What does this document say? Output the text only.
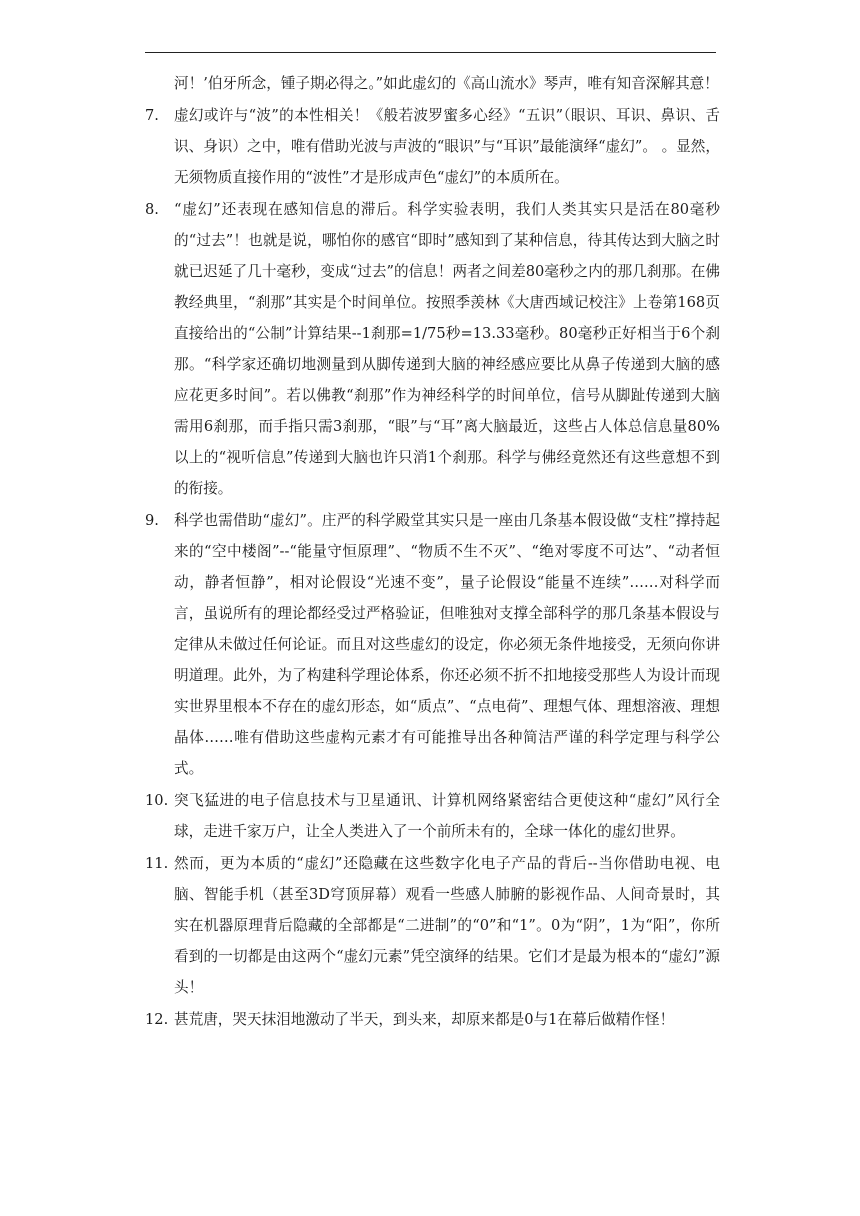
河！’伯牙所念，锺子期必得之。”如此虚幻的《高山流水》琴声，唯有知音深解其意！

7.	虚幻或许与“波”的本性相关！《般若波罗蜜多心经》“五识”（眼识、耳识、鼻识、舌识、身识）之中，唯有借助光波与声波的“眼识”与“耳识”最能演绎“虚幻”。 。显然，无须物质直接作用的“波性”才是形成声色“虚幻”的本质所在。

8.	“虚幻”还表现在感知信息的滞后。科学实验表明，我们人类其实只是活在80毫秒的“过去”！也就是说，哪怕你的感官“即时”感知到了某种信息，待其传达到大脑之时就已迟延了几十毫秒，变成“过去”的信息！两者之间差80毫秒之内的那几刹那。在佛教经典里，“刹那”其实是个时间单位。按照季羡林《大唐西域记校注》上卷第168页直接给出的“公制”计算结果--1刹那=1/75秒=13.33毫秒。80毫秒正好相当于6个刹那。“科学家还确切地测量到从脚传递到大脑的神经感应要比从鼻子传递到大脑的感应花更多时间”。若以佛教“刹那”作为神经科学的时间单位，信号从脚趾传递到大脑需用6刹那，而手指只需3刹那，“眼”与“耳”离大脑最近，这些占人体总信息量80%以上的“视听信息”传递到大脑也许只消1个刹那。科学与佛经竟然还有这些意想不到的衔接。

9.	科学也需借助“虚幻”。庄严的科学殿堂其实只是一座由几条基本假设做“支柱”撑持起来的“空中楼阁”--“能量守恒原理”、“物质不生不灭”、“绝对零度不可达”、“动者恒动，静者恒静”，相对论假设“光速不变”，量子论假设“能量不连续”……对科学而言，虽说所有的理论都经受过严格验证，但唯独对支撑全部科学的那几条基本假设与定律从未做过任何论证。而且对这些虚幻的设定，你必须无条件地接受，无须向你讲明道理。此外，为了构建科学理论体系，你还必须不折不扣地接受那些人为设计而现实世界里根本不存在的虚幻形态，如“质点”、“点电荷”、理想气体、理想溶液、理想晶体……唯有借助这些虚构元素才有可能推导出各种简洁严谨的科学定理与科学公式。

10. 突飞猛进的电子信息技术与卫星通讯、计算机网络紧密结合更使这种“虚幻”风行全球，走进千家万户，让全人类进入了一个前所未有的，全球一体化的虚幻世界。

11. 然而，更为本质的“虚幻”还隐藏在这些数字化电子产品的背后--当你借助电视、电脑、智能手机（甚至3D穹顶屏幕）观看一些感人肺腑的影视作品、人间奇景时，其实在机器原理背后隐藏的全部都是“二进制”的“0”和“1”。0为“阴”，1为“阳”，你所看到的一切都是由这两个“虚幻元素”凭空演绎的结果。它们才是最为根本的“虚幻”源头！

12. 甚荒唐，哭天抹泪地激动了半天，到头来，却原来都是0与1在幕后做精作怪！
